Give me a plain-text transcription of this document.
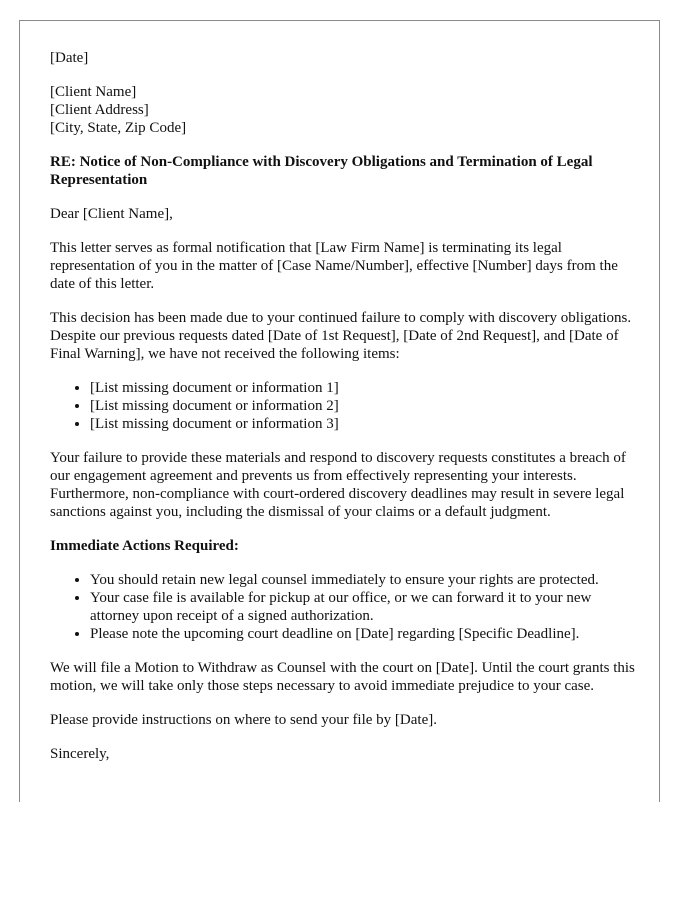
[Date]

[Client Name]
[Client Address]
[City, State, Zip Code]
RE: Notice of Non-Compliance with Discovery Obligations and Termination of Legal Representation

Dear [Client Name],

This letter serves as formal notification that [Law Firm Name] is terminating its legal representation of you in the matter of [Case Name/Number], effective [Number] days from the date of this letter.

This decision has been made due to your continued failure to comply with discovery obligations. Despite our previous requests dated [Date of 1st Request], [Date of 2nd Request], and [Date of Final Warning], we have not received the following items:

• [List missing document or information 1]
• [List missing document or information 2]
• [List missing document or information 3]

Your failure to provide these materials and respond to discovery requests constitutes a breach of our engagement agreement and prevents us from effectively representing your interests. Furthermore, non-compliance with court-ordered discovery deadlines may result in severe legal sanctions against you, including the dismissal of your claims or a default judgment.

Immediate Actions Required:
• You should retain new legal counsel immediately to ensure your rights are protected.
• Your case file is available for pickup at our office, or we can forward it to your new attorney upon receipt of a signed authorization.
• Please note the upcoming court deadline on [Date] regarding [Specific Deadline].

We will file a Motion to Withdraw as Counsel with the court on [Date]. Until the court grants this motion, we will take only those steps necessary to avoid immediate prejudice to your case.

Please provide instructions on where to send your file by [Date].

Sincerely,
